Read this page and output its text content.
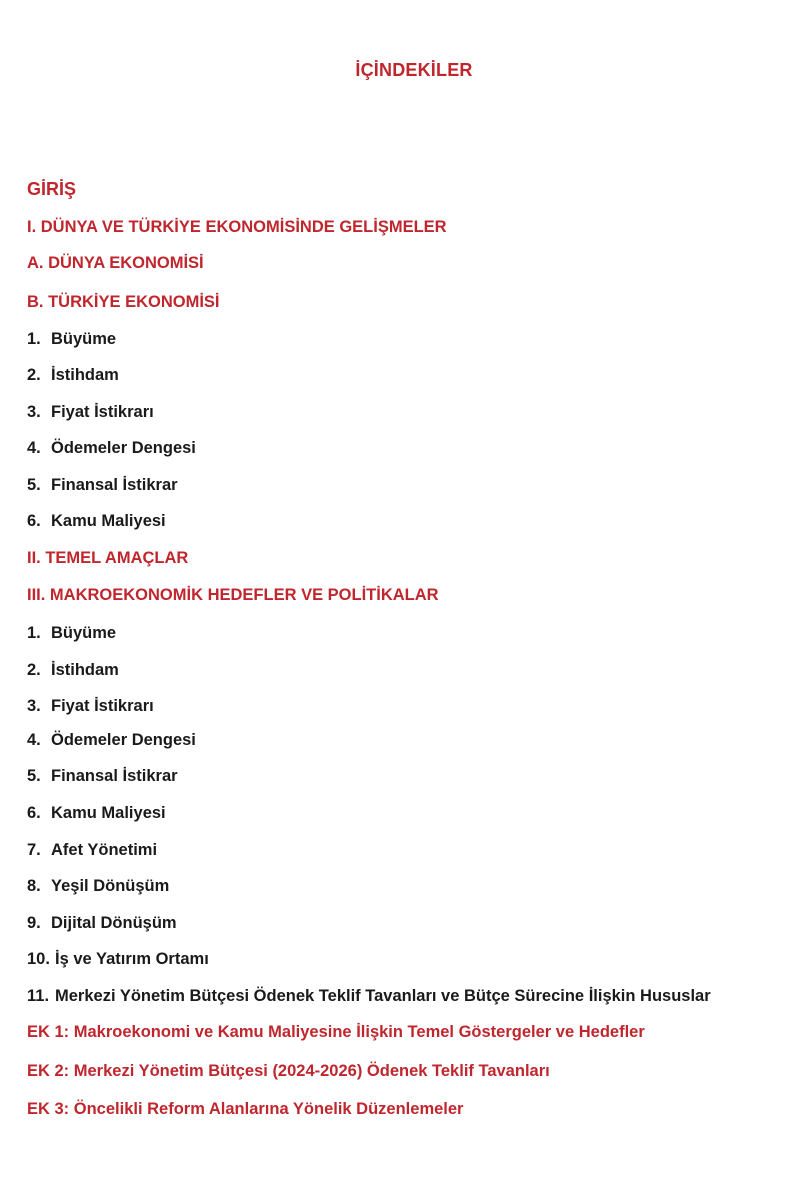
İÇİNDEKİLER
GİRİŞ
I. DÜNYA VE TÜRKİYE EKONOMİSİNDE GELİŞMELER
A. DÜNYA EKONOMİSİ
B. TÜRKİYE EKONOMİSİ
1. Büyüme
2. İstihdam
3. Fiyat İstikrarı
4. Ödemeler Dengesi
5. Finansal İstikrar
6. Kamu Maliyesi
II. TEMEL AMAÇLAR
III. MAKROEKONOMİK HEDEFLER VE POLİTİKALAR
1. Büyüme
2. İstihdam
3. Fiyat İstikrarı
4. Ödemeler Dengesi
5. Finansal İstikrar
6. Kamu Maliyesi
7. Afet Yönetimi
8. Yeşil Dönüşüm
9. Dijital Dönüşüm
10. İş ve Yatırım Ortamı
11. Merkezi Yönetim Bütçesi Ödenek Teklif Tavanları ve Bütçe Sürecine İlişkin Hususlar
EK 1: Makroekonomi ve Kamu Maliyesine İlişkin Temel Göstergeler ve Hedefler
EK 2: Merkezi Yönetim Bütçesi (2024-2026) Ödenek Teklif Tavanları
EK 3: Öncelikli Reform Alanlarına Yönelik Düzenlemeler
